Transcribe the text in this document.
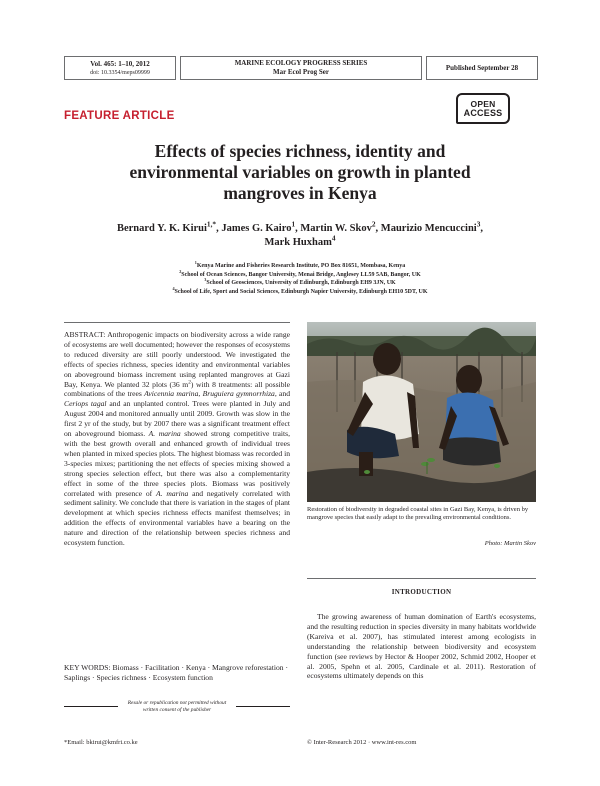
Vol. 465: 1–10, 2012
doi: 10.3354/meps09999
MARINE ECOLOGY PROGRESS SERIES
Mar Ecol Prog Ser
Published September 28
FEATURE ARTICLE
OPEN
ACCESS
Effects of species richness, identity and
environmental variables on growth in planted
mangroves in Kenya
Bernard Y. K. Kirui$^{1,*}$, James G. Kairo$^1$, Martin W. Skov$^2$, Maurizio Mencuccini$^3$,
Mark Huxham$^4$
$^1$Kenya Marine and Fisheries Research Institute, PO Box 81651, Mombasa, Kenya
$^2$School of Ocean Sciences, Bangor University, Menai Bridge, Anglesey LL59 5AB, Bangor, UK
$^3$School of Geosciences, University of Edinburgh, Edinburgh EH9 3JN, UK
$^4$School of Life, Sport and Social Sciences, Edinburgh Napier University, Edinburgh EH10 5DT, UK

ABSTRACT: Anthropogenic impacts on biodiversity across a wide range of ecosystems are well documented; however the responses of ecosystems to reduced diversity are still poorly understood. We investigated the effects of species richness, species identity and environmental variables on aboveground biomass increment using replanted mangroves at Gazi Bay, Kenya. We planted 32 plots (36 $m^2$) with 8 treatments: all possible combinations of the trees Avicennia marina, Bruguiera gymnorrhiza, and Ceriops tagal and an unplanted control. Trees were planted in July and August 2004 and monitored annually until 2009. Growth was slow in the first 2 yr of the study, but by 2007 there was a significant treatment effect on aboveground biomass. A. marina showed strong competitive traits, with the best growth overall and enhanced growth of individual trees when planted in mixed species plots. The highest biomass was recorded in 3-species mixes; partitioning the net effects of species mixing showed a strong species selection effect, but there was also a complementarity effect in some of the three species plots. Biomass was positively correlated with presence of A. marina and negatively correlated with sediment salinity. We conclude that there is variation in the stages of plant development at which species richness effects manifest themselves; in addition the effects of environmental variables have a bearing on the nature and direction of the relationship between species richness and ecosystem function.

KEY WORDS: Biomass · Facilitation · Kenya · Mangrove reforestation · Saplings · Species richness · Ecosystem function

Resale or republication not permitted without
written consent of the publisher
*Email: bkirui@kmfri.co.ke
Restoration of biodiversity in degraded coastal sites in Gazi Bay, Kenya, is driven by mangrove species that easily adapt to the prevailing environmental conditions.
Photo: Martin Skov
INTRODUCTION

The growing awareness of human domination of Earth's ecosystems, and the resulting reduction in species diversity in many habitats worldwide (Kareiva et al. 2007), has stimulated interest among ecologists in understanding the relationship between biodiversity and ecosystem function (see reviews by Hector & Hooper 2002, Schmid 2002, Hooper et al. 2005, Spehn et al. 2005, Cardinale et al. 2011). Restoration of ecosystems ultimately depends on this

© Inter-Research 2012 · www.int-res.com
